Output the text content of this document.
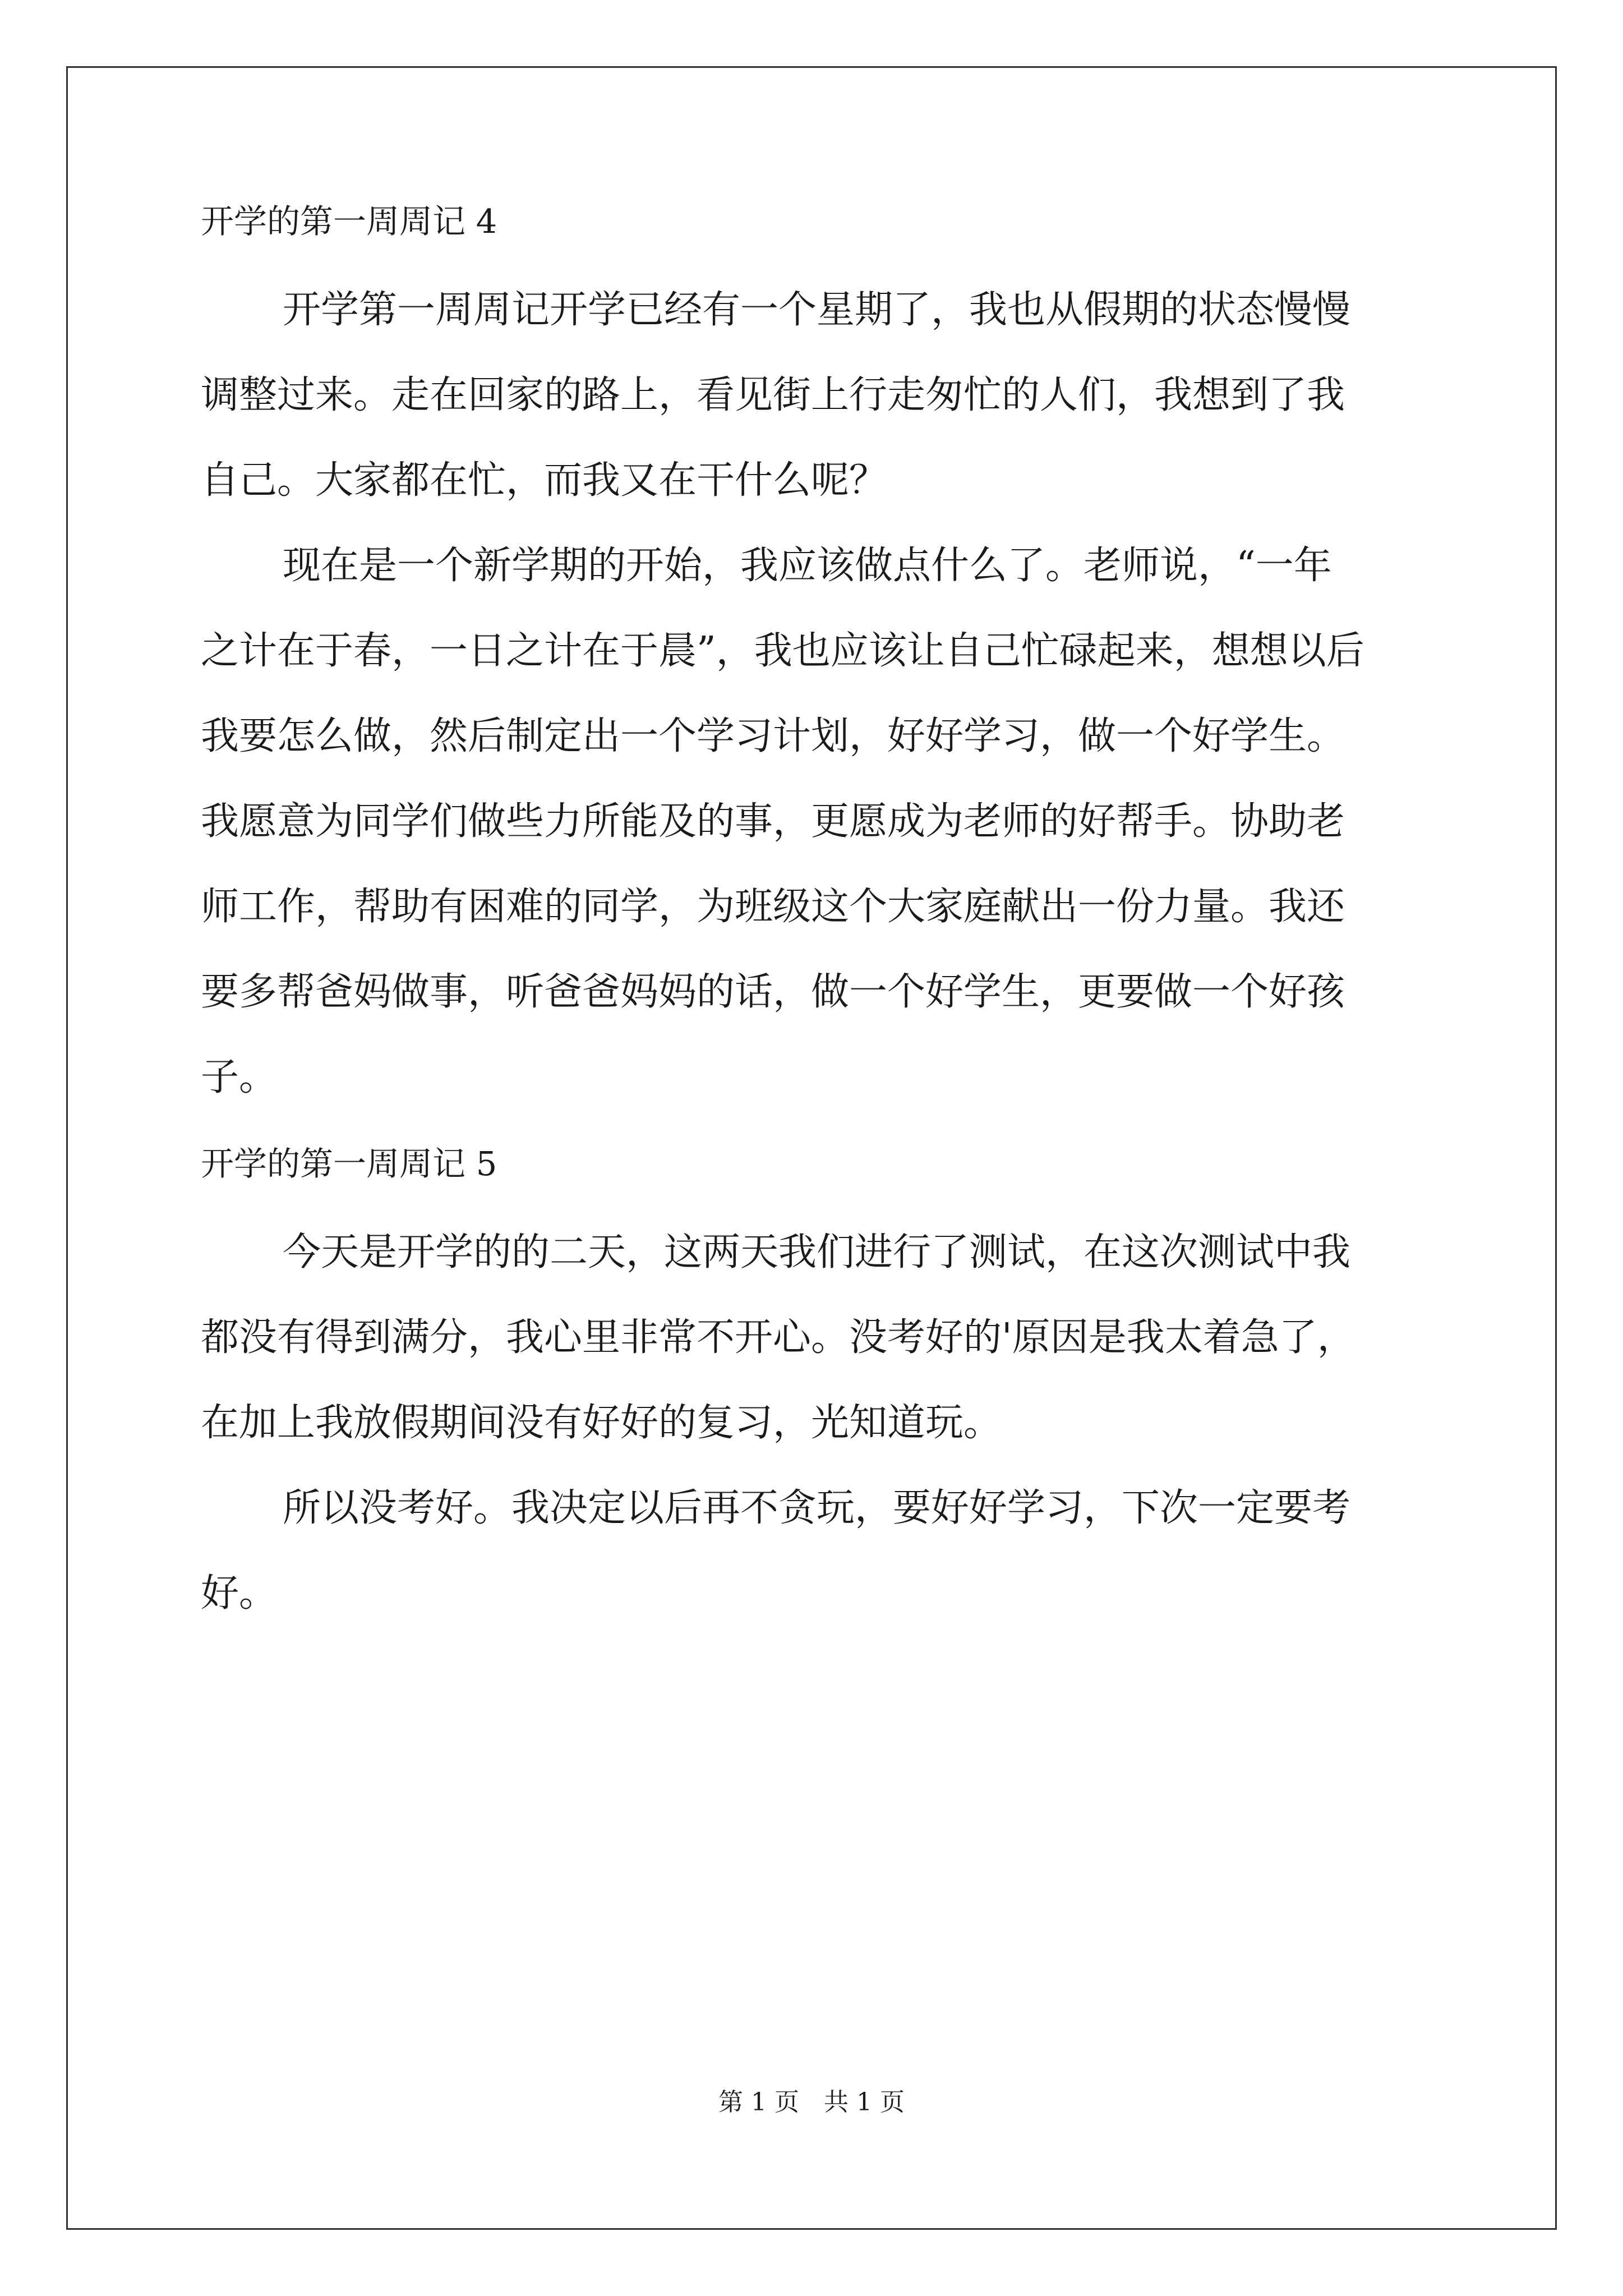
开学的第一周周记 4
开学第一周周记开学已经有一个星期了，我也从假期的状态慢慢
调整过来。走在回家的路上，看见街上行走匆忙的人们，我想到了我
自己。大家都在忙，而我又在干什么呢？
现在是一个新学期的开始，我应该做点什么了。老师说，“一年
之计在于春，一日之计在于晨”，我也应该让自己忙碌起来，想想以后
我要怎么做，然后制定出一个学习计划，好好学习，做一个好学生。
我愿意为同学们做些力所能及的事，更愿成为老师的好帮手。协助老
师工作，帮助有困难的同学，为班级这个大家庭献出一份力量。我还
要多帮爸妈做事，听爸爸妈妈的话，做一个好学生，更要做一个好孩
子。
开学的第一周周记 5
今天是开学的的二天，这两天我们进行了测试，在这次测试中我
都没有得到满分，我心里非常不开心。没考好的'原因是我太着急了，
在加上我放假期间没有好好的复习，光知道玩。
所以没考好。我决定以后再不贪玩，要好好学习，下次一定要考
好。
第 1 页　共 1 页
